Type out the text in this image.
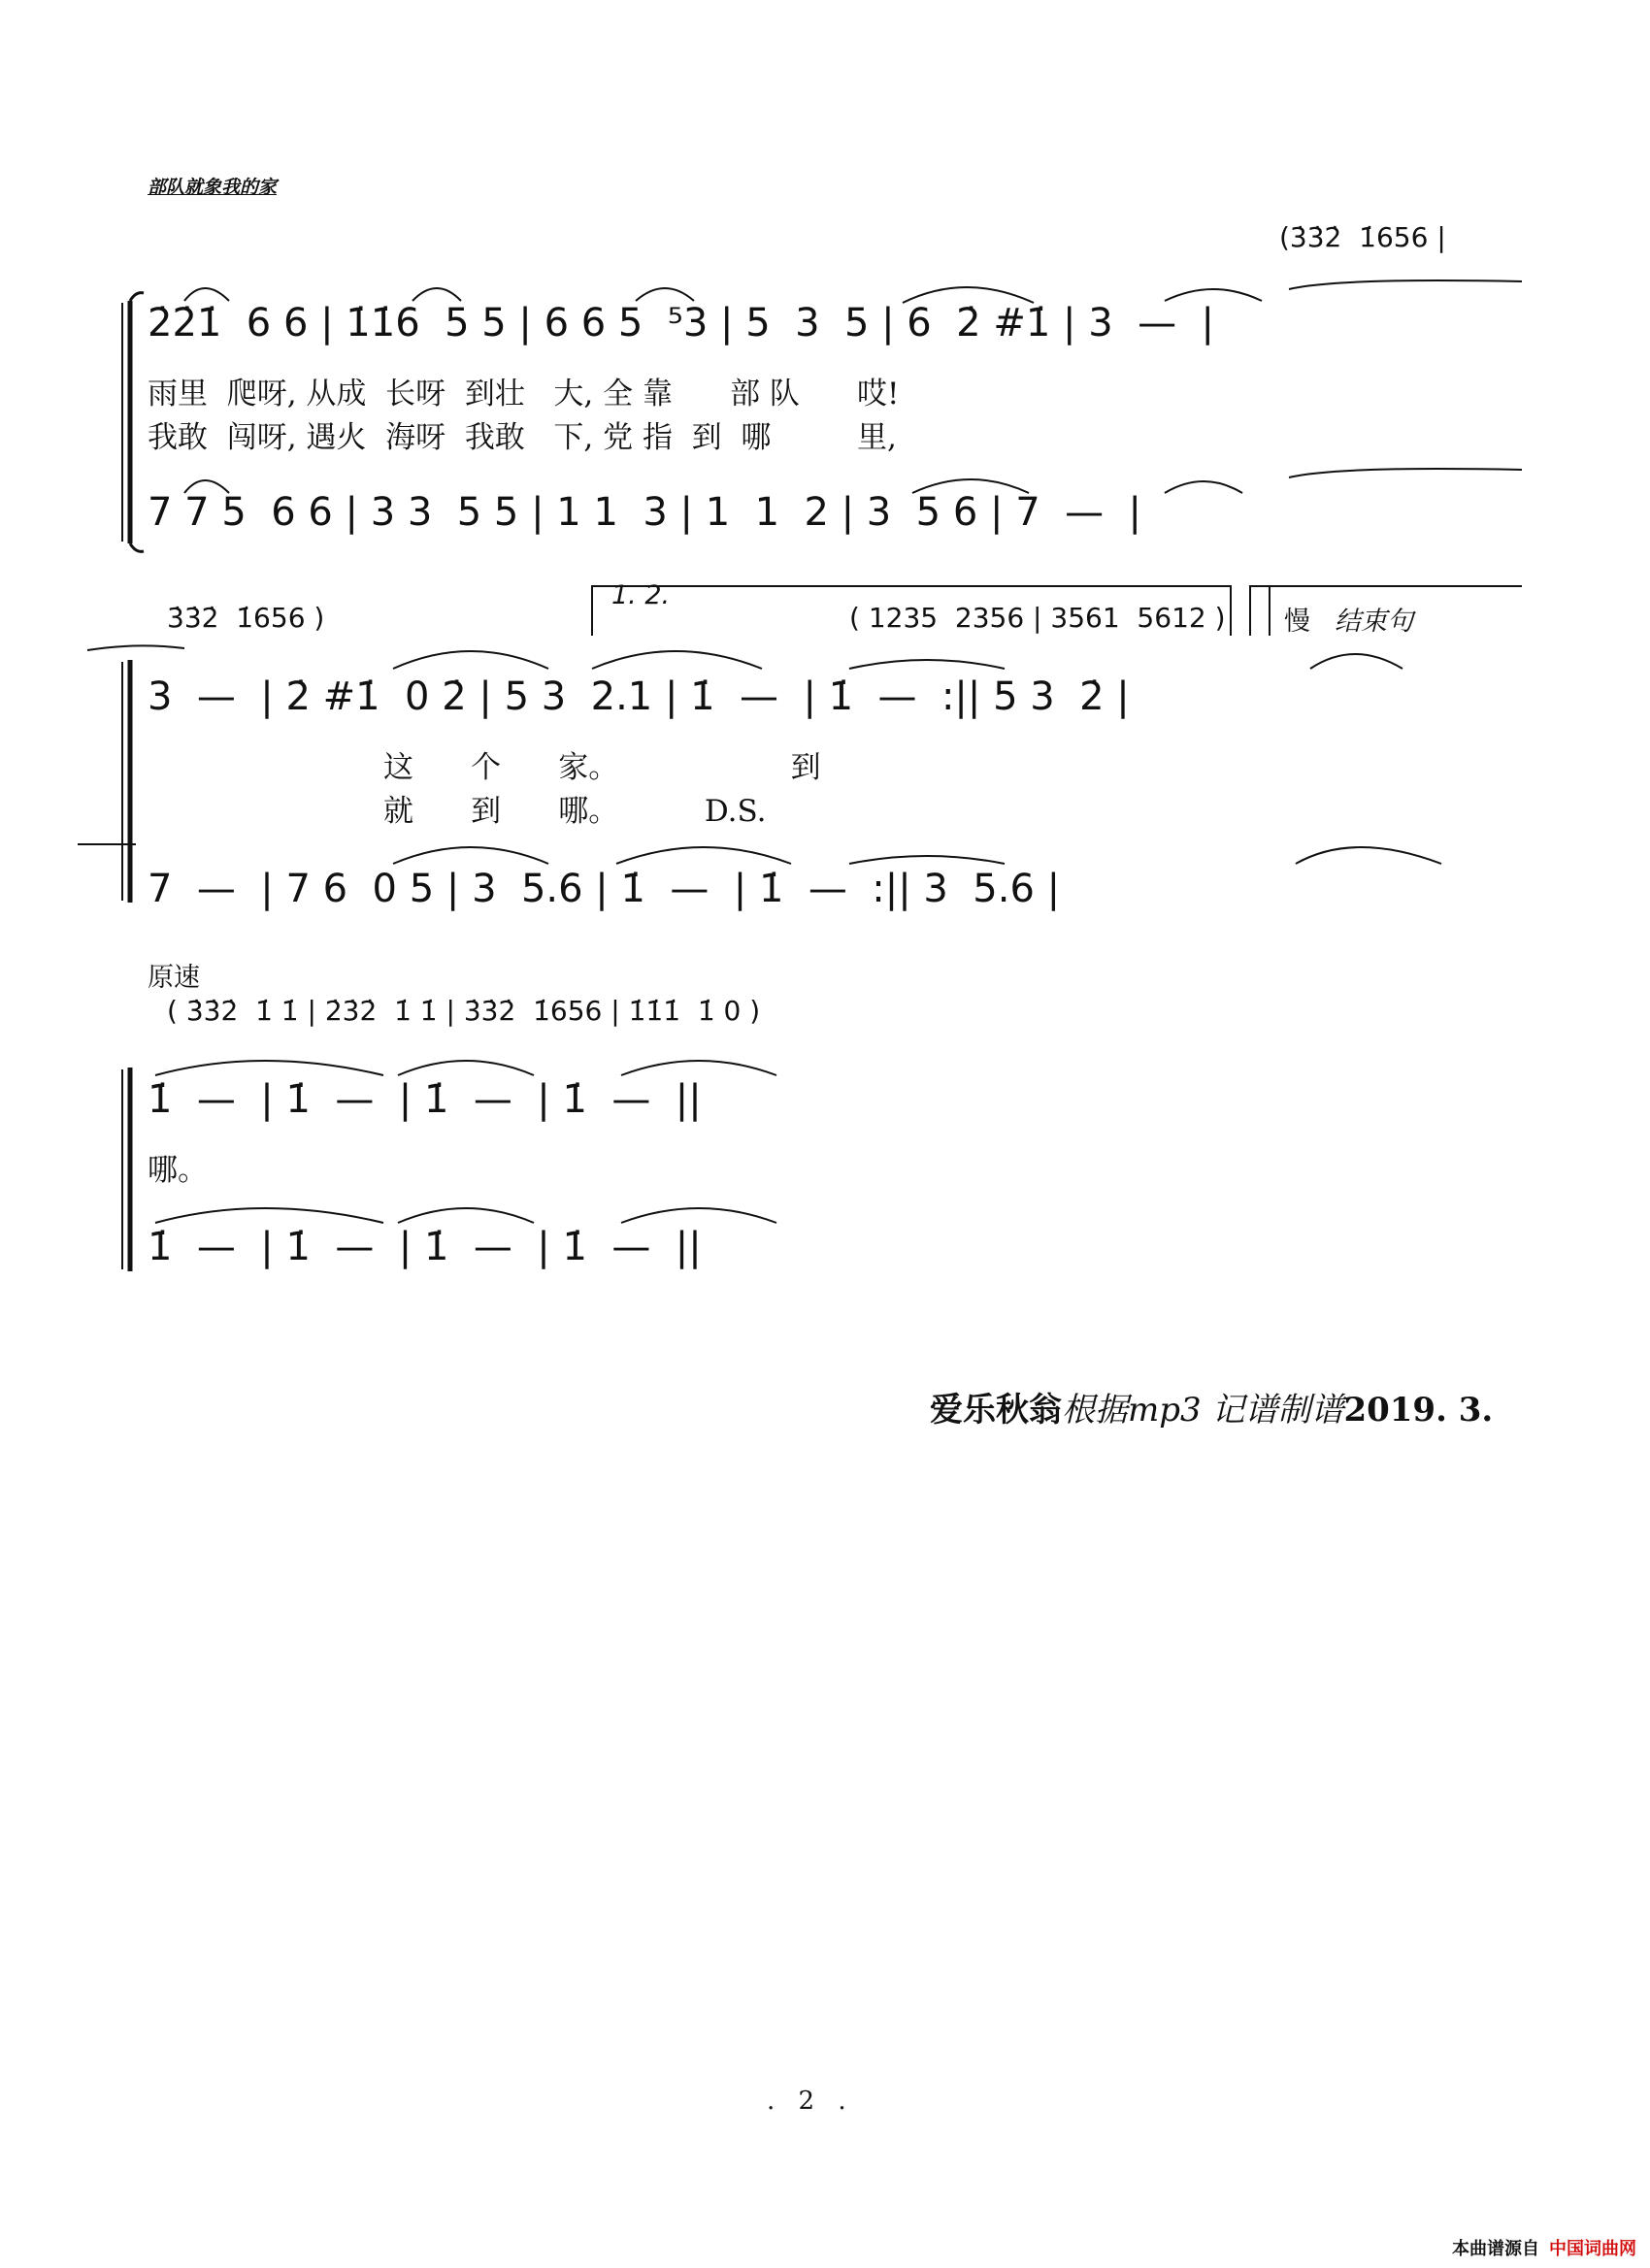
部队就象我的家
(3̇3̇2̇  1̇656 |
2̇2̇1̇  6 6 | 1̇1̇6  5 5 | 6 6 5  ⁵3 | 5  3  5 | 6  2̇ #1̇ | 3  —  |
雨里  爬呀, 从成  长呀  到壮   大, 全 靠      部 队      哎!
我敢  闯呀, 遇火  海呀  我敢   下, 党 指  到  哪         里,
7 7 5  6 6 | 3 3  5 5 | 1 1  3 | 1  1  2 | 3  5 6 | 7  —  |
3̇3̇2̇  1̇656 )
1. 2.
( 1235  2356 | 3561  5612 ) 慢 结束句
3  —  | 2̇ #1̇  0 2̇ | 5 3  2.1 | 1̇  —  | 1̇  —  :|| 5 3  2̇ |
这      个      家。                  到
就      到      哪。         D.S.
7  —  | 7 6  0 5 | 3  5.6 | 1̇  —  | 1̇  —  :|| 3  5.6 |
原速
( 3̇3̇2̇  1̇ 1̇ | 2̇3̇2̇  1̇ 1̇ | 3̇3̇2̇  1̇656 | 1̇1̇1̇  1̇ 0 )
1̇  —  | 1̇  —  | 1̇  —  | 1̇  —  ||
哪。
1̇  —  | 1̇  —  | 1̇  —  | 1̇  —  ||
爱乐秋翁根据mp3 记谱制谱2019. 3.
. 2 .
本曲谱源自 中国词曲网
